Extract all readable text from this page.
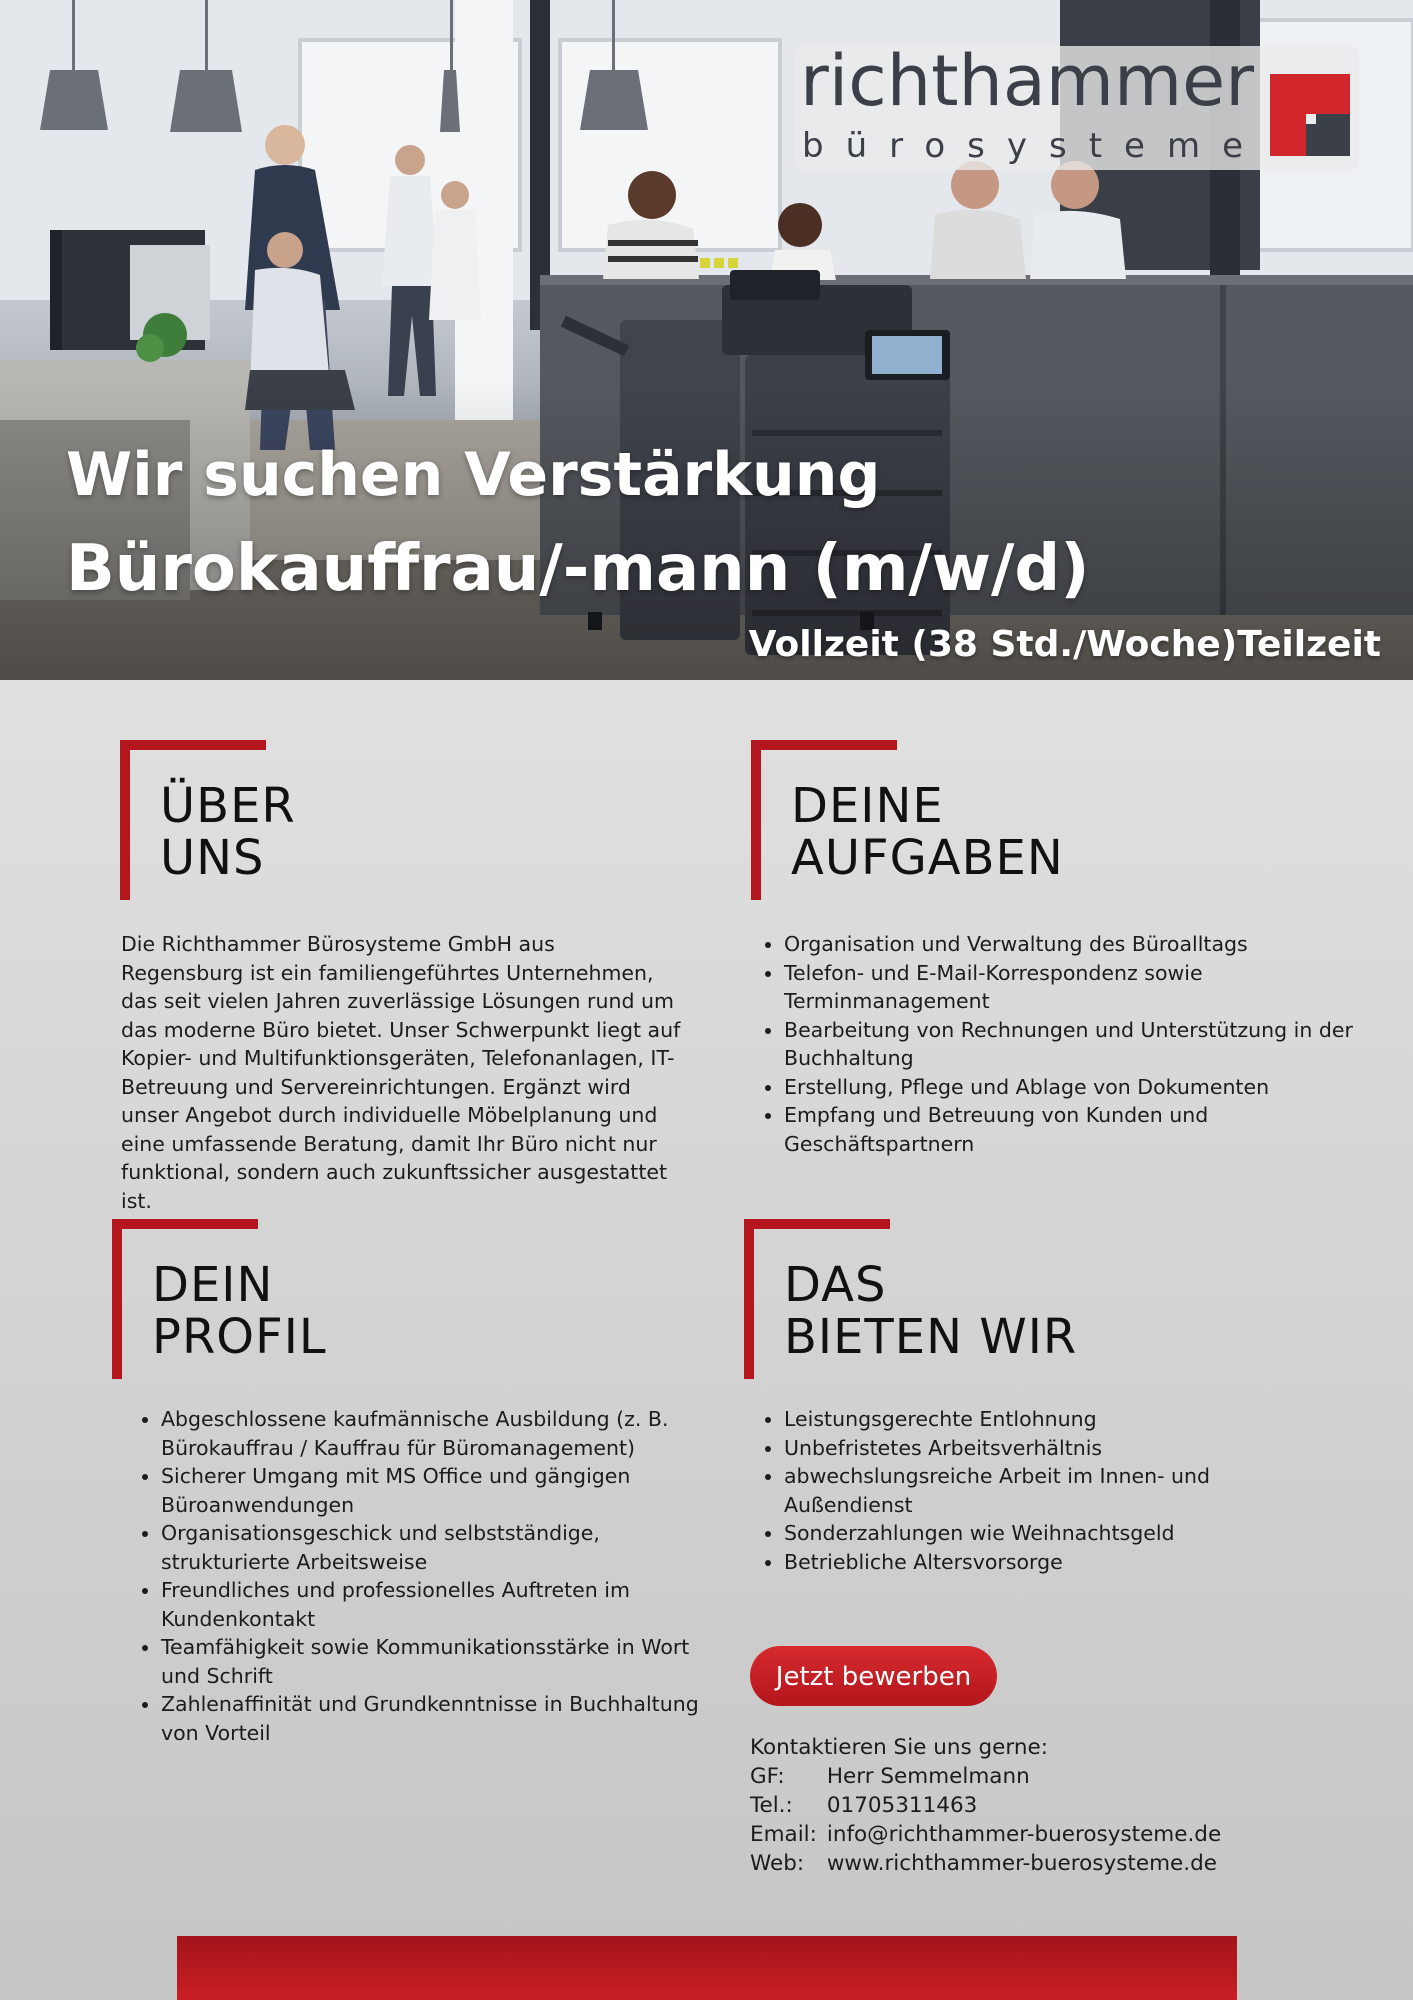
richthammer
bürosysteme
Wir suchen Verstärkung
Bürokauffrau/-mann (m/w/d)
Vollzeit (38 Std./Woche)Teilzeit
ÜBER
UNS
Die Richthammer Bürosysteme GmbH aus Regensburg ist ein familiengeführtes Unternehmen, das seit vielen Jahren zuverlässige Lösungen rund um das moderne Büro bietet. Unser Schwerpunkt liegt auf Kopier- und Multifunktionsgeräten, Telefonanlagen, IT-Betreuung und Servereinrichtungen. Ergänzt wird unser Angebot durch individuelle Möbelplanung und eine umfassende Beratung, damit Ihr Büro nicht nur funktional, sondern auch zukunftssicher ausgestattet ist.
DEINE
AUFGABEN
• Organisation und Verwaltung des Büroalltags
• Telefon- und E-Mail-Korrespondenz sowie Terminmanagement
• Bearbeitung von Rechnungen und Unterstützung in der Buchhaltung
• Erstellung, Pflege und Ablage von Dokumenten
• Empfang und Betreuung von Kunden und Geschäftspartnern
DEIN
PROFIL
• Abgeschlossene kaufmännische Ausbildung (z. B. Bürokauffrau / Kauffrau für Büromanagement)
• Sicherer Umgang mit MS Office und gängigen Büroanwendungen
• Organisationsgeschick und selbstständige, strukturierte Arbeitsweise
• Freundliches und professionelles Auftreten im Kundenkontakt
• Teamfähigkeit sowie Kommunikationsstärke in Wort und Schrift
• Zahlenaffinität und Grundkenntnisse in Buchhaltung von Vorteil
DAS
BIETEN WIR
• Leistungsgerechte Entlohnung
• Unbefristetes Arbeitsverhältnis
• abwechslungsreiche Arbeit im Innen- und Außendienst
• Sonderzahlungen wie Weihnachtsgeld
• Betriebliche Altersvorsorge
Jetzt bewerben
Kontaktieren Sie uns gerne:
GF: Herr Semmelmann
Tel.: 01705311463
Email: info@richthammer-buerosysteme.de
Web: www.richthammer-buerosysteme.de
